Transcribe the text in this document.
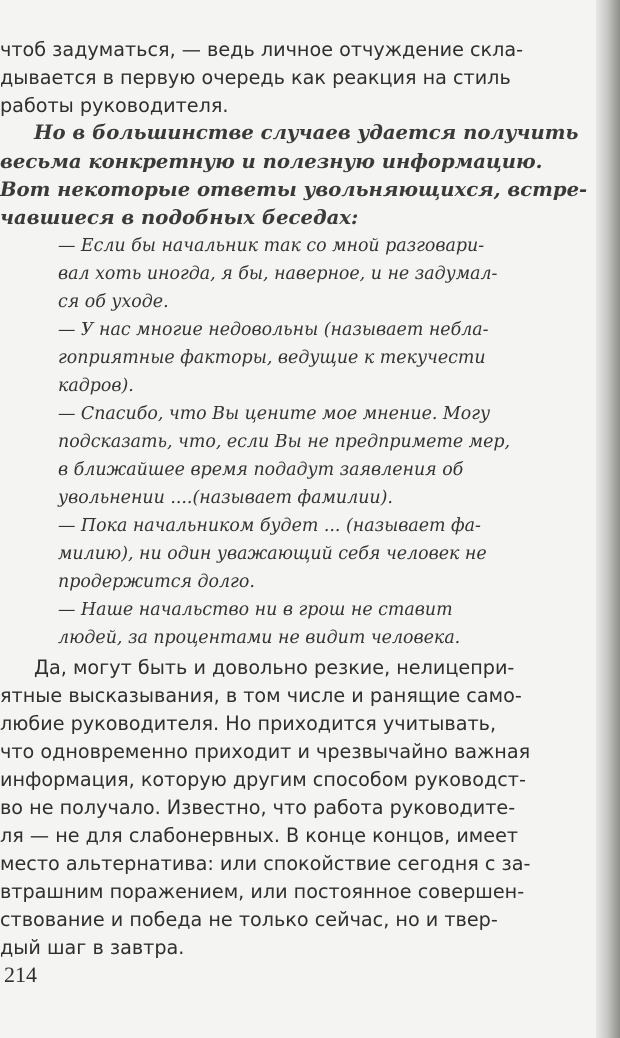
чтоб задуматься, — ведь личное отчуждение скла-
дывается в первую очередь как реакция на стиль
работы руководителя.
Но в большинстве случаев удается получить
весьма конкретную и полезную информацию.
Вот некоторые ответы увольняющихся, встре-
чавшиеся в подобных беседах:
— Если бы начальник так со мной разговари-
вал хоть иногда, я бы, наверное, и не задумал-
ся об уходе.
— У нас многие недовольны (называет небла-
гоприятные факторы, ведущие к текучести
кадров).
— Спасибо, что Вы цените мое мнение. Могу
подсказать, что, если Вы не предпримете мер,
в ближайшее время подадут заявления об
увольнении ....(называет фамилии).
— Пока начальником будет ... (называет фа-
милию), ни один уважающий себя человек не
продержится долго.
— Наше начальство ни в грош не ставит
людей, за процентами не видит человека.
Да, могут быть и довольно резкие, нелицепри-
ятные высказывания, в том числе и ранящие само-
любие руководителя. Но приходится учитывать,
что одновременно приходит и чрезвычайно важная
информация, которую другим способом руководст-
во не получало. Известно, что работа руководите-
ля — не для слабонервных. В конце концов, имеет
место альтернатива: или спокойствие сегодня с за-
втрашним поражением, или постоянное совершен-
ствование и победа не только сейчас, но и твер-
дый шаг в завтра.
214
